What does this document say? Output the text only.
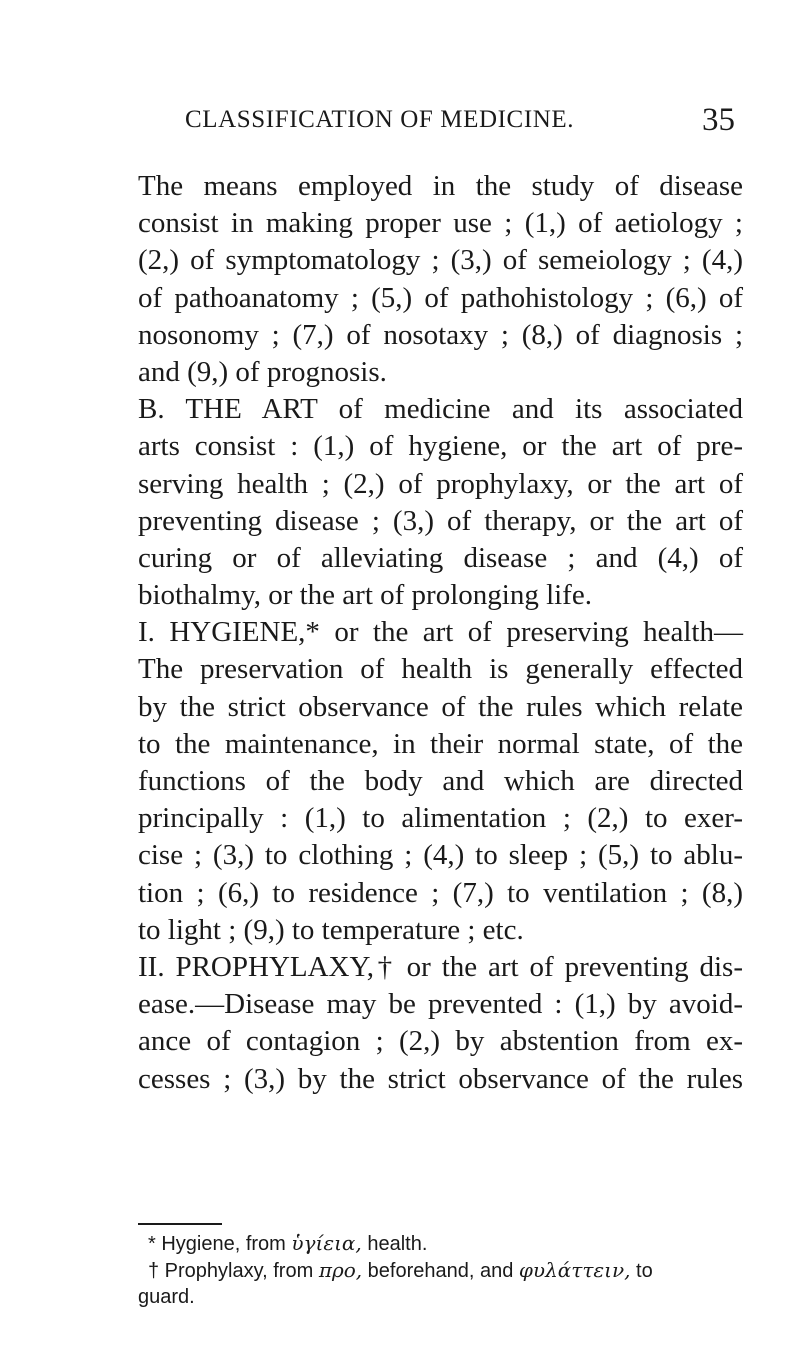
CLASSIFICATION OF MEDICINE.	35
The means employed in the study of disease
consist in making proper use ; (1,) of aetiology ;
(2,) of symptomatology ; (3,) of semeiology ; (4,)
of pathoanatomy ; (5,) of pathohistology ; (6,) of
nosonomy ; (7,) of nosotaxy ; (8,) of diagnosis ;
and (9,) of prognosis.
B. THE ART of medicine and its associated
arts consist : (1,) of hygiene, or the art of pre-
serving health ; (2,) of prophylaxy, or the art of
preventing disease ; (3,) of therapy, or the art of
curing or of alleviating disease ; and (4,) of
biothalmy, or the art of prolonging life.
I. HYGIENE,* or the art of preserving health—
The preservation of health is generally effected
by the strict observance of the rules which relate
to the maintenance, in their normal state, of the
functions of the body and which are directed
principally : (1,) to alimentation ; (2,) to exer-
cise ; (3,) to clothing ; (4,) to sleep ; (5,) to ablu-
tion ; (6,) to residence ; (7,) to ventilation ; (8,)
to light ; (9,) to temperature ; etc.
II. PROPHYLAXY,† or the art of preventing dis-
ease.—Disease may be prevented : (1,) by avoid-
ance of contagion ; (2,) by abstention from ex-
cesses ; (3,) by the strict observance of the rules
* Hygiene, from ὑγίεια, health.
† Prophylaxy, from πρo, beforehand, and φυλάττειν, to
guard.
